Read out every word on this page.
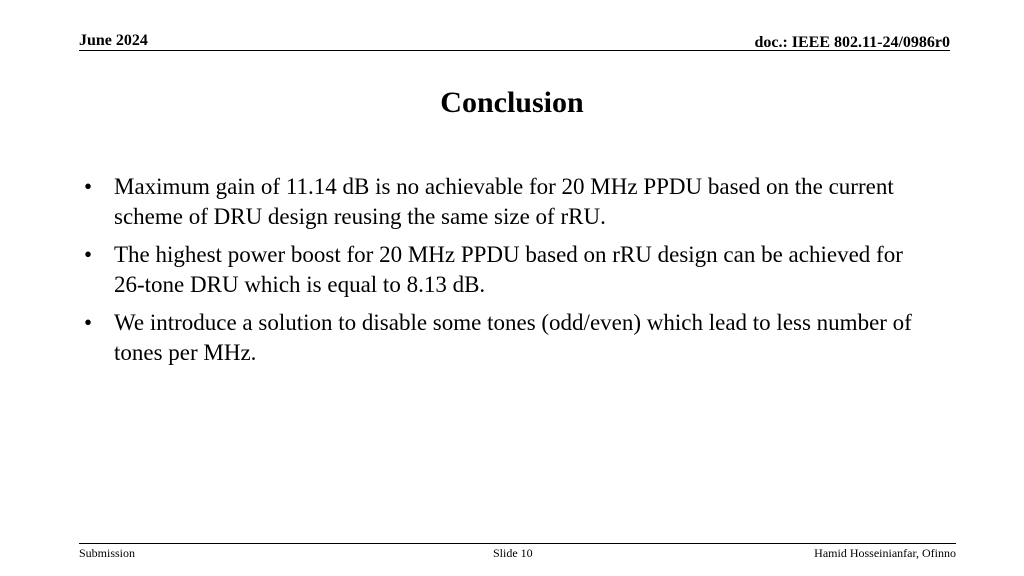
June 2024	doc.: IEEE 802.11-24/0986r0
Conclusion
• Maximum gain of 11.14 dB is no achievable for 20 MHz PPDU based on the current scheme of DRU design reusing the same size of rRU.
• The highest power boost for 20 MHz PPDU based on rRU design can be achieved for 26-tone DRU which is equal to 8.13 dB.
• We introduce a solution to disable some tones (odd/even) which lead to less number of tones per MHz.
Submission	Slide 10	Hamid Hosseinianfar, Ofinno
